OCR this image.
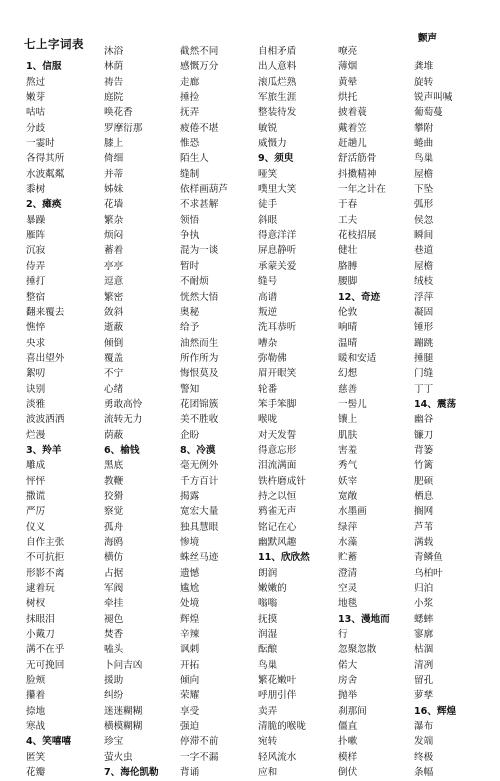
七上字词表	颤声
1、信服
熬过
嫩芽
咕咕
分歧
一霎时
各得其所
水波粼粼
黍树
2、瘫痪
暴躁
雁阵
沉寂
侍弄
捶打
整宿
翻来覆去
憔悴
央求
喜出望外
絮叨
诀别
淡雅
波波洒洒
烂漫
3、羚羊
雕成
怦怦
撒谎
严厉
仪义
自作主张
不可抗拒
形影不离
逮着玩
树杈
抹眼泪
小戴刀
满不在乎
无可挽回
脸颊
攥着
捺地
寒战
4、笑嘻嘻
匿笑
花瓣
沐浴
林荫
祷告
庭院
唤花香
罗摩衍那
膝上
倚细
并蒂
姊妹
花墙
繁杂
烦闷
蓄着
亭亭
逗意
繁密
敛斜
逝蔽
倾倒
覆盖
不宁
心绪
勇敢高怜
流转无力
荫蔽
6、榆钱
黑底
教鞭
狡猾
察觉
孤舟
海鸥
横仿
占据
军阀
牵挂
褪色
焚香
嗑头
卜问吉凶
援助
纠纷
迷迷糊糊
横模糊糊
珍宝
萤火虫
7、海伦凯勒
截然不同
感慨万分
走廊
捶捡
抚弄
疲倦不堪
惟恐
陌生人
缝制
依样画葫芦
不求甚解
领悟
争执
混为一谈
暂时
不耐烦
恍然大悟
奥秘
给予
油然而生
所作所为
悔恨莫及
警知
花团锦簇
美不胜收
企盼
8、冷漠
毫无例外
千方百计
揭露
宽宏大量
独具慧眼
惨境
蛛丝马迹
遗憾
尴尬
处境
辉煌
辛辣
讽刺
开拓
倾向
荣耀
享受
强迫
停滞不前
一字不漏
背诵
自相矛盾
出人意料
滚瓜烂熟
军旅生涯
整装待发
敏锐
威慑力
9、须臾
哑笑
噗里大笑
徒手
斜眼
得意洋洋
屏息静听
承蒙关爱
缝号
高谱
叛逆
洗耳恭听
嘈杂
弥勒佛
眉开眼笑
轮番
笨手笨脚
喉咙
对天发誓
得意忘形
泪流满面
铁杵磨成针
持之以恒
鸦雀无声
铭记在心
幽默风趣
11、欣欣然
朗润
嫩嫩的
嗡嗡
抚摸
润湿
酝酿
鸟巢
繁花嫩叶
呼朋引伴
卖弄
清脆的喉咙
宛转
轻风流水
应和
嘹亮
薄烟
黄晕
烘托
披着蓑
戴着笠
赶趟儿
舒活筋骨
抖擞精神
一年之计在
于春
工夫
花枝招展
健壮
胳膊
腰脚
12、奇迹
伦敦
响晴
温晴
暖和安适
幻想
慈善
一髻儿
镶上
肌肤
害羞
秀气
妖宰
宽敞
水墨画
绿萍
水藻
贮蓄
澄清
空灵
地毯
13、漫地而
行
忽聚忽散
偌大
房舍
抛举
刹那间
僵直
扑嗽
模样
倒伏
龚堆
旋转
锐声叫喊
葡萄蔓
攀附
蜷曲
鸟巢
屋檐
下坠
弧形
侯忽
瞬间
巷道
屋檐
绒枝
浮萍
凝固
锤形
蹦跳
捶腿
门缝
丁丁
14、震荡
幽谷
镰刀
背篓
竹篱
肥硕
栖息
搁网
芦苇
满载
青鳞鱼
乌柏叶
归泊
小浆
蟋蟀
寥廓
枯涸
清冽
留孔
萝孳
16、辉煌
瀑布
发端
终极
条幅
